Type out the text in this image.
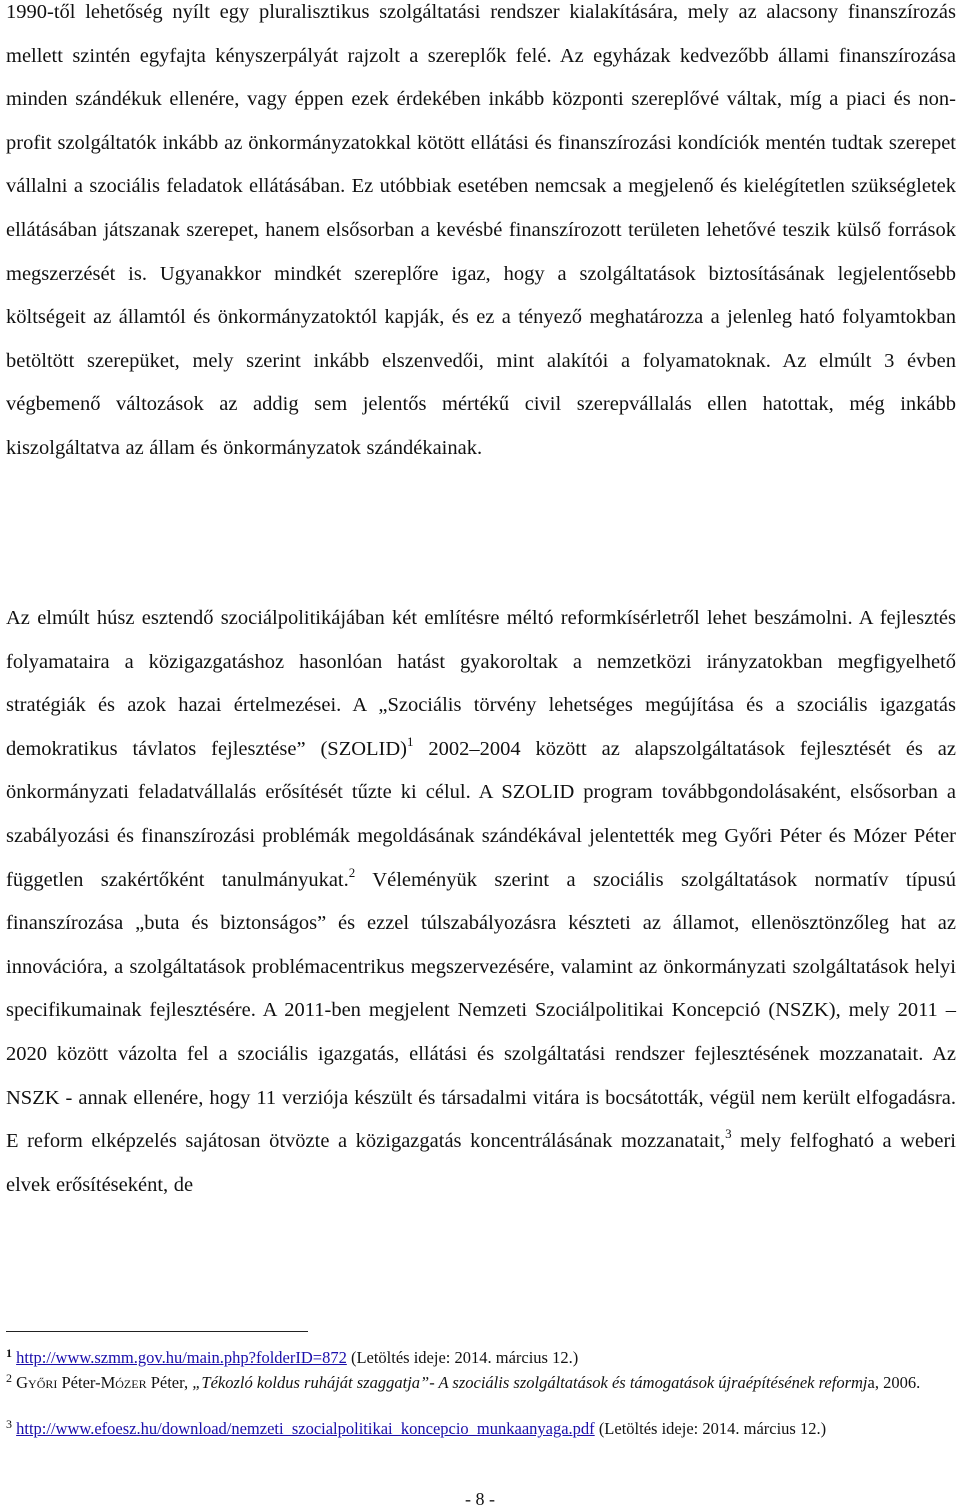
1990-től lehetőség nyílt egy pluralisztikus szolgáltatási rendszer kialakítására, mely az alacsony finanszírozás mellett szintén egyfajta kényszerpályát rajzolt a szereplők felé. Az egyházak kedvezőbb állami finanszírozása minden szándékuk ellenére, vagy éppen ezek érdekében inkább központi szereplővé váltak, míg a piaci és non-profit szolgáltatók inkább az önkormányzatokkal kötött ellátási és finanszírozási kondíciók mentén tudtak szerepet vállalni a szociális feladatok ellátásában. Ez utóbbiak esetében nemcsak a megjelenő és kielégítetlen szükségletek ellátásában játszanak szerepet, hanem elsősorban a kevésbé finanszírozott területen lehetővé teszik külső források megszerzését is. Ugyanakkor mindkét szereplőre igaz, hogy a szolgáltatások biztosításának legjelentősebb költségeit az államtól és önkormányzatoktól kapják, és ez a tényező meghatározza a jelenleg ható folyamtokban betöltött szerepüket, mely szerint inkább elszenvedői, mint alakítói a folyamatoknak. Az elmúlt 3 évben végbemenő változások az addig sem jelentős mértékű civil szerepvállalás ellen hatottak, még inkább kiszolgáltatva az állam és önkormányzatok szándékainak.

Az elmúlt húsz esztendő szociálpolitikájában két említésre méltó reformkísérletről lehet beszámolni. A fejlesztés folyamataira a közigazgatáshoz hasonlóan hatást gyakoroltak a nemzetközi irányzatokban megfigyelhető stratégiák és azok hazai értelmezései. A „Szociális törvény lehetséges megújítása és a szociális igazgatás demokratikus távlatos fejlesztése” (SZOLID)$^1$ 2002–2004 között az alapszolgáltatások fejlesztését és az önkormányzati feladatvállalás erősítését tűzte ki célul. A SZOLID program továbbgondolásaként, elsősorban a szabályozási és finanszírozási problémák megoldásának szándékával jelentették meg Győri Péter és Mózer Péter független szakértőként tanulmányukat.$^2$ Véleményük szerint a szociális szolgáltatások normatív típusú finanszírozása „buta és biztonságos” és ezzel túlszabályozásra készteti az államot, ellenösztönzőleg hat az innovációra, a szolgáltatások problémacentrikus megszervezésére, valamint az önkormányzati szolgáltatások helyi specifikumainak fejlesztésére. A 2011-ben megjelent Nemzeti Szociálpolitikai Koncepció (NSZK), mely 2011 – 2020 között vázolta fel a szociális igazgatás, ellátási és szolgáltatási rendszer fejlesztésének mozzanatait. Az NSZK - annak ellenére, hogy 11 verziója készült és társadalmi vitára is bocsátották, végül nem került elfogadásra. E reform elképzelés sajátosan ötvözte a közigazgatás koncentrálásának mozzanatait,$^3$ mely felfogható a weberi elvek erősítéseként, de

$^1$ http://www.szmm.gov.hu/main.php?folderID=872 (Letöltés ideje: 2014. március 12.)

$^2$ Győri Péter-Mózer Péter, „Tékozló koldus ruháját szaggatja”- A szociális szolgáltatások és támogatások újraépítésének reformja, 2006.

$^3$ http://www.efoesz.hu/download/nemzeti_szocialpolitikai_koncepcio_munkaanyaga.pdf (Letöltés ideje: 2014. március 12.)

- 8 -
